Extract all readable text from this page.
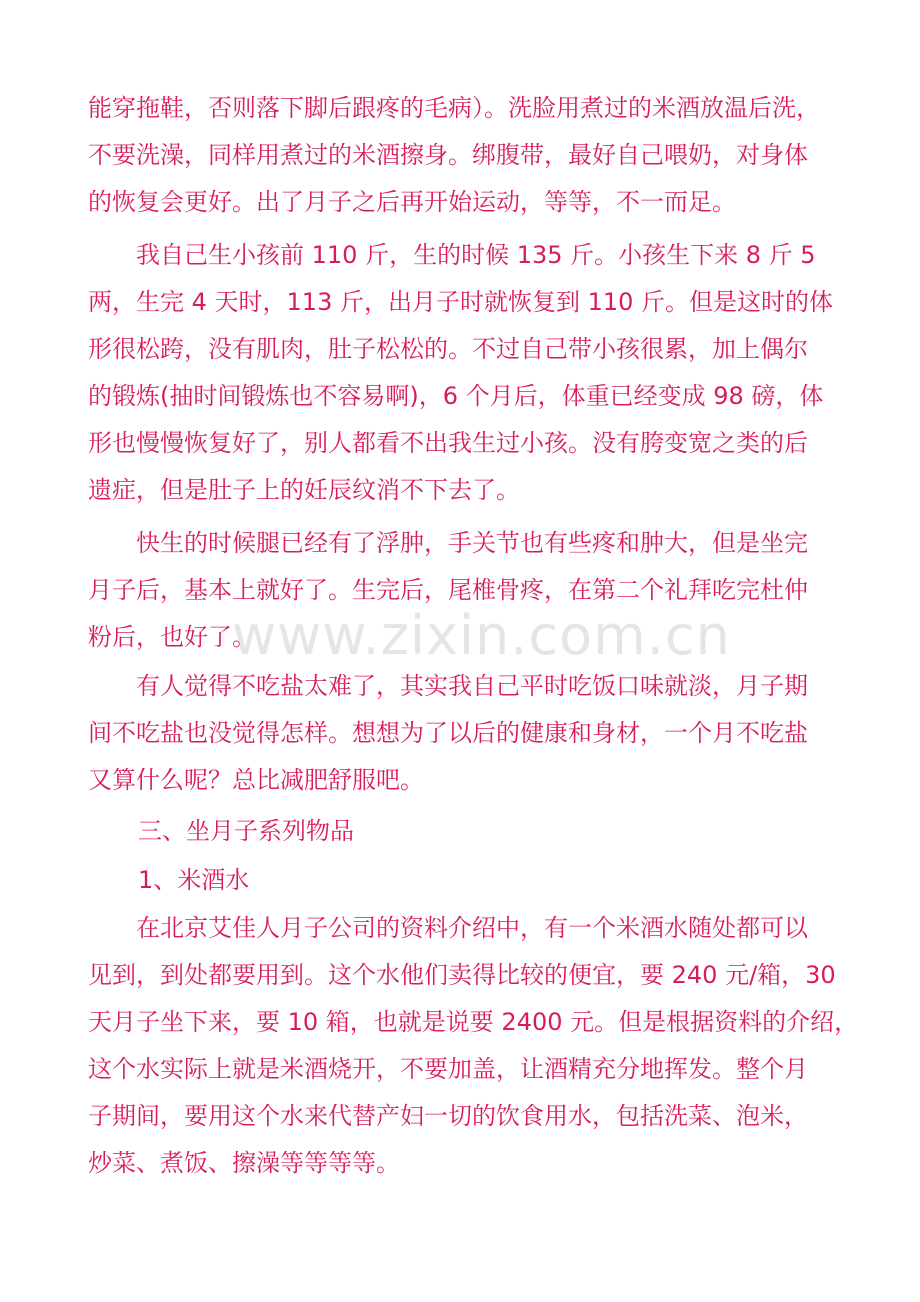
能穿拖鞋，否则落下脚后跟疼的毛病）。洗脸用煮过的米酒放温后洗，
不要洗澡，同样用煮过的米酒擦身。绑腹带，最好自己喂奶，对身体
的恢复会更好。出了月子之后再开始运动，等等，不一而足。
　　我自己生小孩前 110 斤，生的时候 135 斤。小孩生下来 8 斤 5
两，生完 4 天时，113 斤，出月子时就恢复到 110 斤。但是这时的体
形很松跨，没有肌肉，肚子松松的。不过自己带小孩很累，加上偶尔
的锻炼(抽时间锻炼也不容易啊)，6 个月后，体重已经变成 98 磅，体
形也慢慢恢复好了，别人都看不出我生过小孩。没有胯变宽之类的后
遗症，但是肚子上的妊辰纹消不下去了。
　　快生的时候腿已经有了浮肿，手关节也有些疼和肿大，但是坐完
月子后，基本上就好了。生完后，尾椎骨疼，在第二个礼拜吃完杜仲
粉后，也好了。
　　有人觉得不吃盐太难了，其实我自己平时吃饭口味就淡，月子期
间不吃盐也没觉得怎样。想想为了以后的健康和身材，一个月不吃盐
又算什么呢？总比减肥舒服吧。
三、坐月子系列物品
1、米酒水
　　在北京艾佳人月子公司的资料介绍中，有一个米酒水随处都可以
见到，到处都要用到。这个水他们卖得比较的便宜，要 240 元/箱，30
天月子坐下来，要 10 箱，也就是说要 2400 元。但是根据资料的介绍，
这个水实际上就是米酒烧开，不要加盖，让酒精充分地挥发。整个月
子期间，要用这个水来代替产妇一切的饮食用水，包括洗菜、泡米，
炒菜、煮饭、擦澡等等等等。
www.zixin.com.cn
